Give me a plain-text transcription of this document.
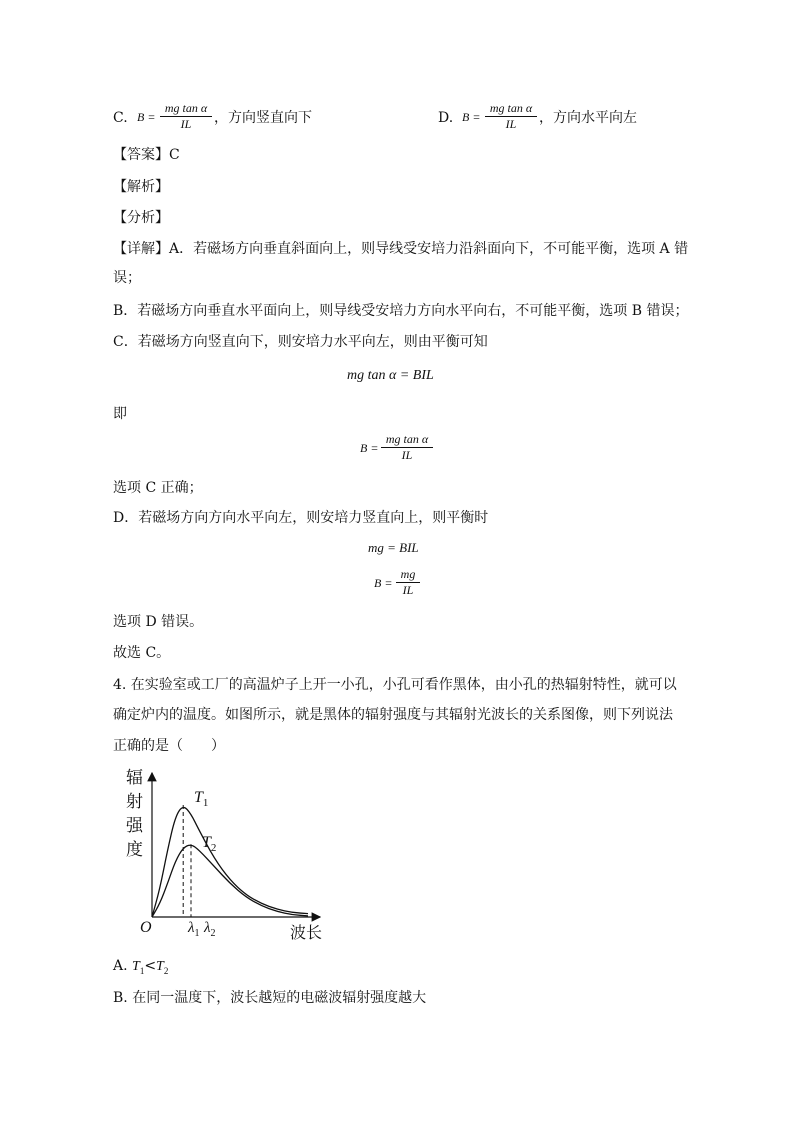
C. $B = \frac{\text{mg tan α}}{IL}$ ，方向竖直向下	D. $B = \frac{\text{mg tan α}}{IL}$ ，方向水平向左
【答案】C
【解析】
【分析】
【详解】A．若磁场方向垂直斜面向上，则导线受安培力沿斜面向下，不可能平衡，选项 A 错
误；
B．若磁场方向垂直水平面向上，则导线受安培力方向水平向右，不可能平衡，选项 B 错误；
C．若磁场方向竖直向下，则安培力水平向左，则由平衡可知
mg tan α = BIL
即
$B = \frac{\text{mg tan α}}{IL}$
选项 C 正确；
D．若磁场方向方向水平向左，则安培力竖直向上，则平衡时
mg = BIL
$B = \frac{mg}{IL}$
选项 D 错误。
故选 C。
4. 在实验室或工厂的高温炉子上开一小孔，小孔可看作黑体，由小孔的热辐射特性，就可以
确定炉内的温度。如图所示，就是黑体的辐射强度与其辐射光波长的关系图像，则下列说法
正确的是（　　）
辐
射
强
度
O	波长
$T_1$
$T_2$
$\lambda_1$ $\lambda_2$
A. $T_1<T_2$
B. 在同一温度下，波长越短的电磁波辐射强度越大
